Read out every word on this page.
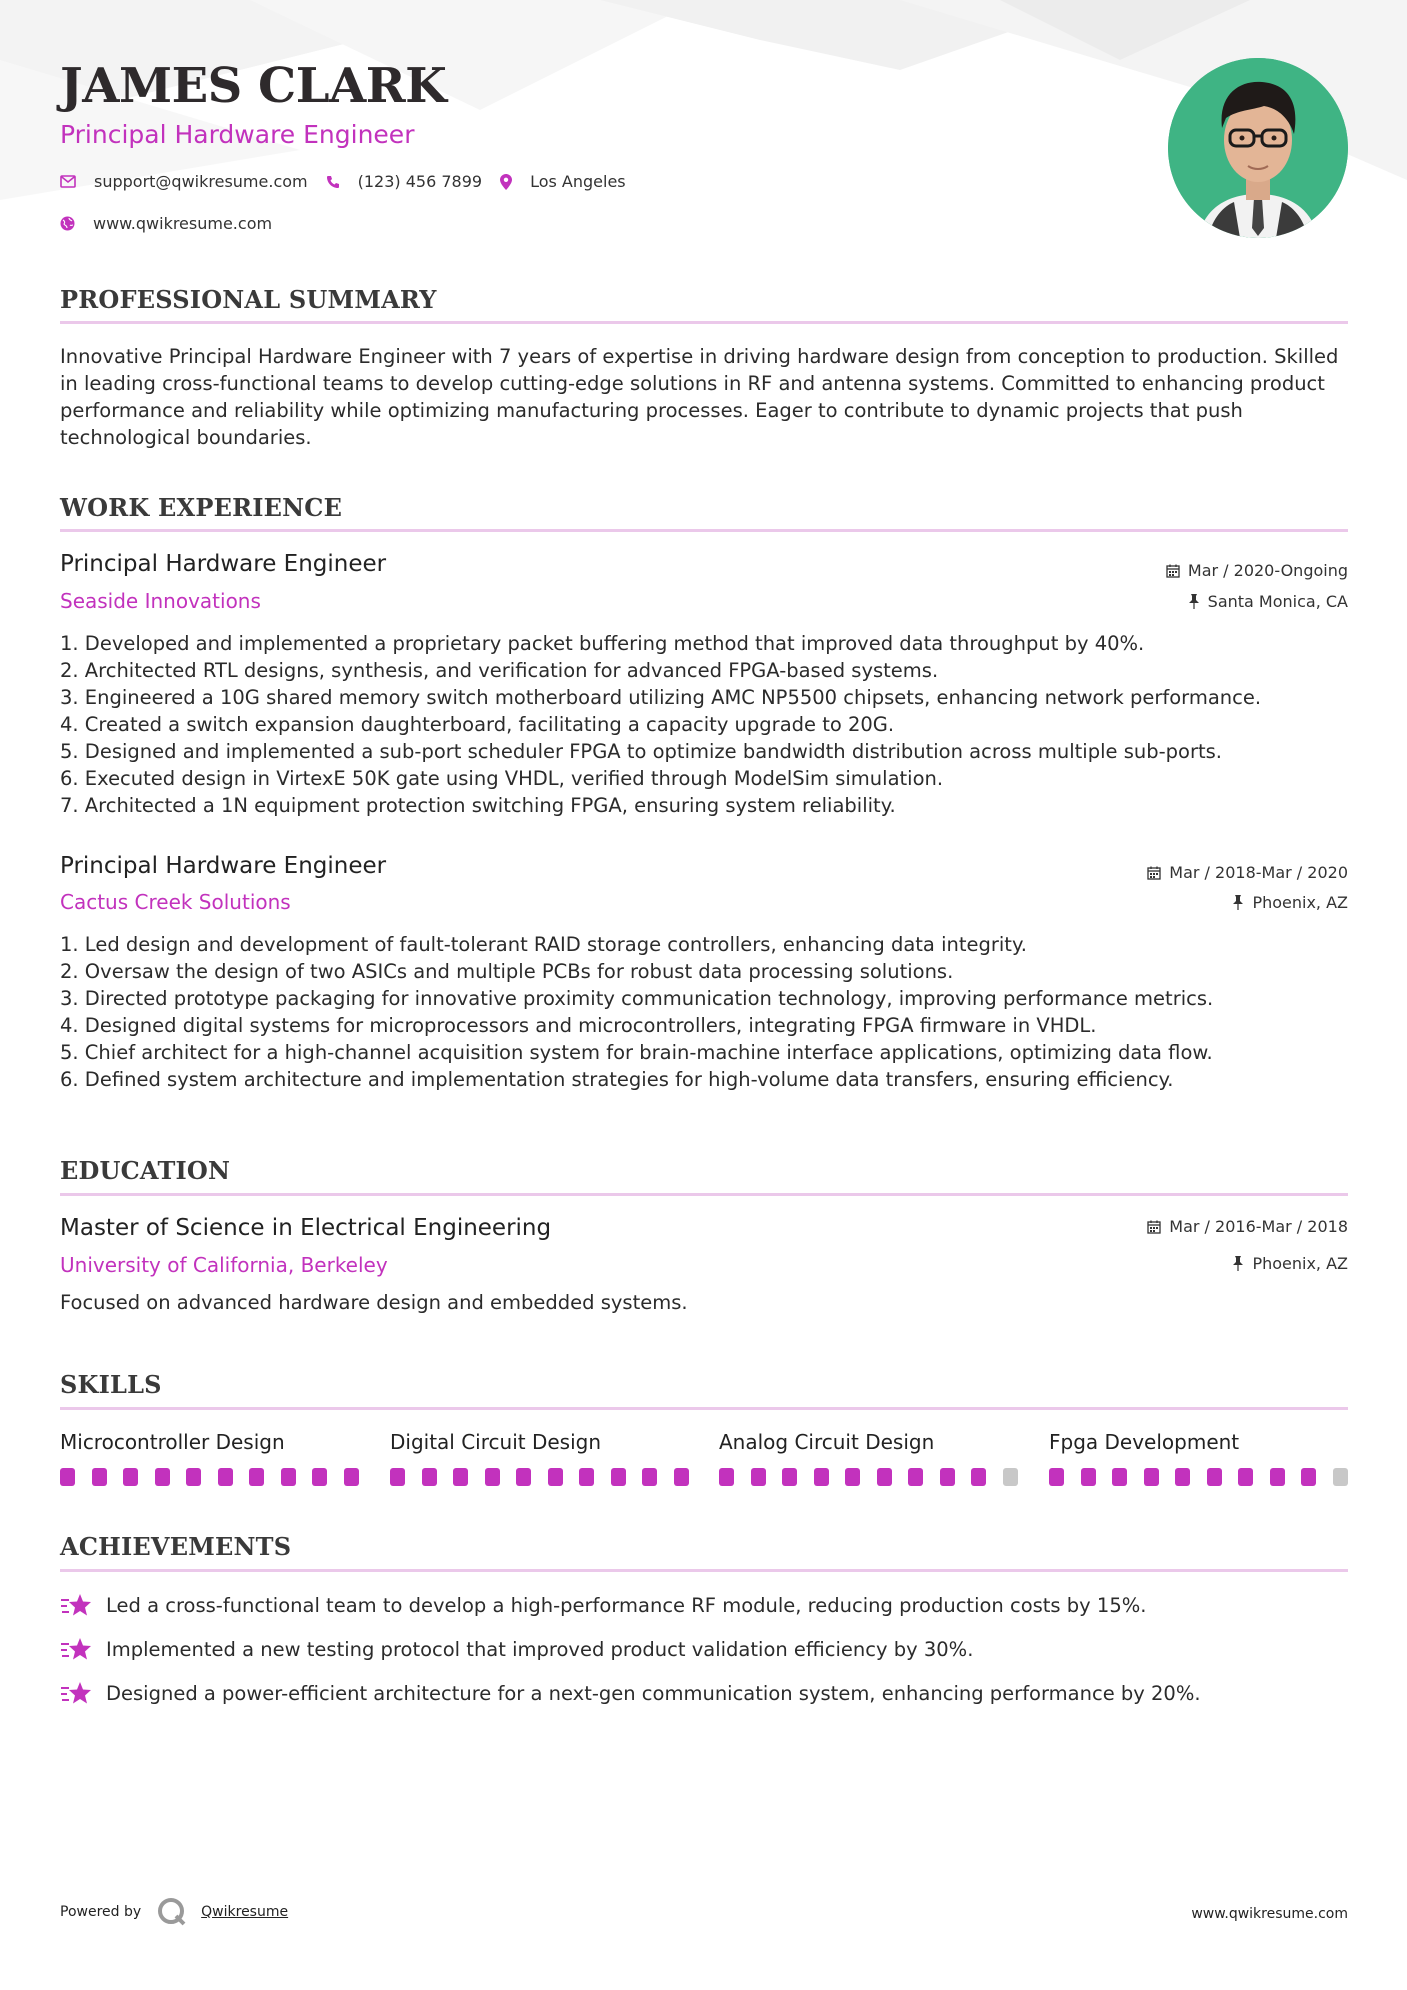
JAMES CLARK
Principal Hardware Engineer
support@qwikresume.com	(123) 456 7899	Los Angeles
www.qwikresume.com
PROFESSIONAL SUMMARY
Innovative Principal Hardware Engineer with 7 years of expertise in driving hardware design from conception to production. Skilled in leading cross-functional teams to develop cutting-edge solutions in RF and antenna systems. Committed to enhancing product performance and reliability while optimizing manufacturing processes. Eager to contribute to dynamic projects that push technological boundaries.
WORK EXPERIENCE
Principal Hardware Engineer	Mar / 2020-Ongoing
Seaside Innovations	Santa Monica, CA
1. Developed and implemented a proprietary packet buffering method that improved data throughput by 40%.
2. Architected RTL designs, synthesis, and verification for advanced FPGA-based systems.
3. Engineered a 10G shared memory switch motherboard utilizing AMC NP5500 chipsets, enhancing network performance.
4. Created a switch expansion daughterboard, facilitating a capacity upgrade to 20G.
5. Designed and implemented a sub-port scheduler FPGA to optimize bandwidth distribution across multiple sub-ports.
6. Executed design in VirtexE 50K gate using VHDL, verified through ModelSim simulation.
7. Architected a 1N equipment protection switching FPGA, ensuring system reliability.
Principal Hardware Engineer	Mar / 2018-Mar / 2020
Cactus Creek Solutions	Phoenix, AZ
1. Led design and development of fault-tolerant RAID storage controllers, enhancing data integrity.
2. Oversaw the design of two ASICs and multiple PCBs for robust data processing solutions.
3. Directed prototype packaging for innovative proximity communication technology, improving performance metrics.
4. Designed digital systems for microprocessors and microcontrollers, integrating FPGA firmware in VHDL.
5. Chief architect for a high-channel acquisition system for brain-machine interface applications, optimizing data flow.
6. Defined system architecture and implementation strategies for high-volume data transfers, ensuring efficiency.
EDUCATION
Master of Science in Electrical Engineering	Mar / 2016-Mar / 2018
University of California, Berkeley	Phoenix, AZ
Focused on advanced hardware design and embedded systems.
SKILLS
Microcontroller Design	Digital Circuit Design	Analog Circuit Design	Fpga Development
ACHIEVEMENTS
Led a cross-functional team to develop a high-performance RF module, reducing production costs by 15%.
Implemented a new testing protocol that improved product validation efficiency by 30%.
Designed a power-efficient architecture for a next-gen communication system, enhancing performance by 20%.
Powered by	Qwikresume	www.qwikresume.com
